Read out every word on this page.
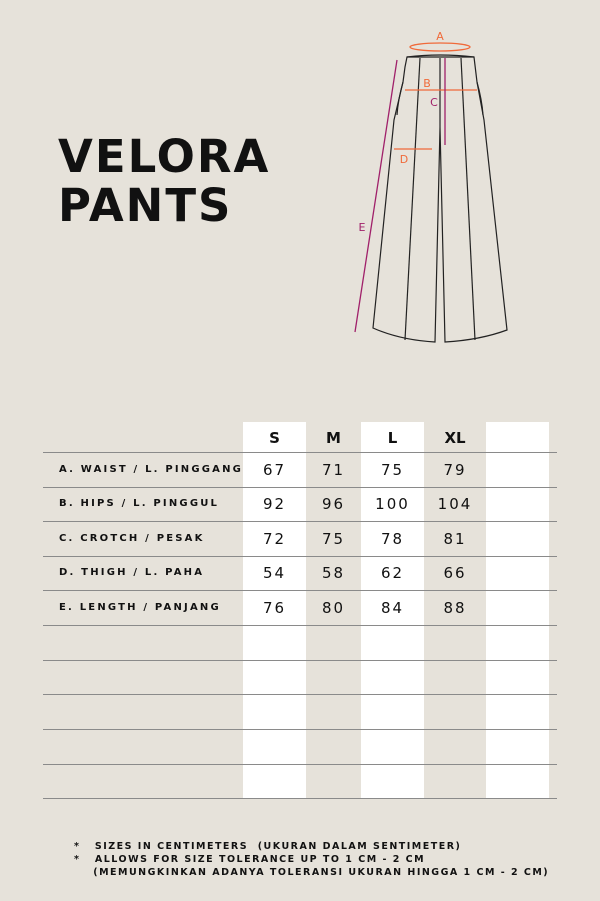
VELORA
PANTS
A
B
C
D
E
S	M	L	XL
A. WAIST / L. PINGGANG	67	71	75	79
B. HIPS / L. PINGGUL	92	96	100	104
C. CROTCH / PESAK	72	75	78	81
D. THIGH / L. PAHA	54	58	62	66
E. LENGTH / PANJANG	76	80	84	88
*   SIZES IN CENTIMETERS  (UKURAN DALAM SENTIMETER)
*   ALLOWS FOR SIZE TOLERANCE UP TO 1 CM - 2 CM
(MEMUNGKINKAN ADANYA TOLERANSI UKURAN HINGGA 1 CM - 2 CM)
